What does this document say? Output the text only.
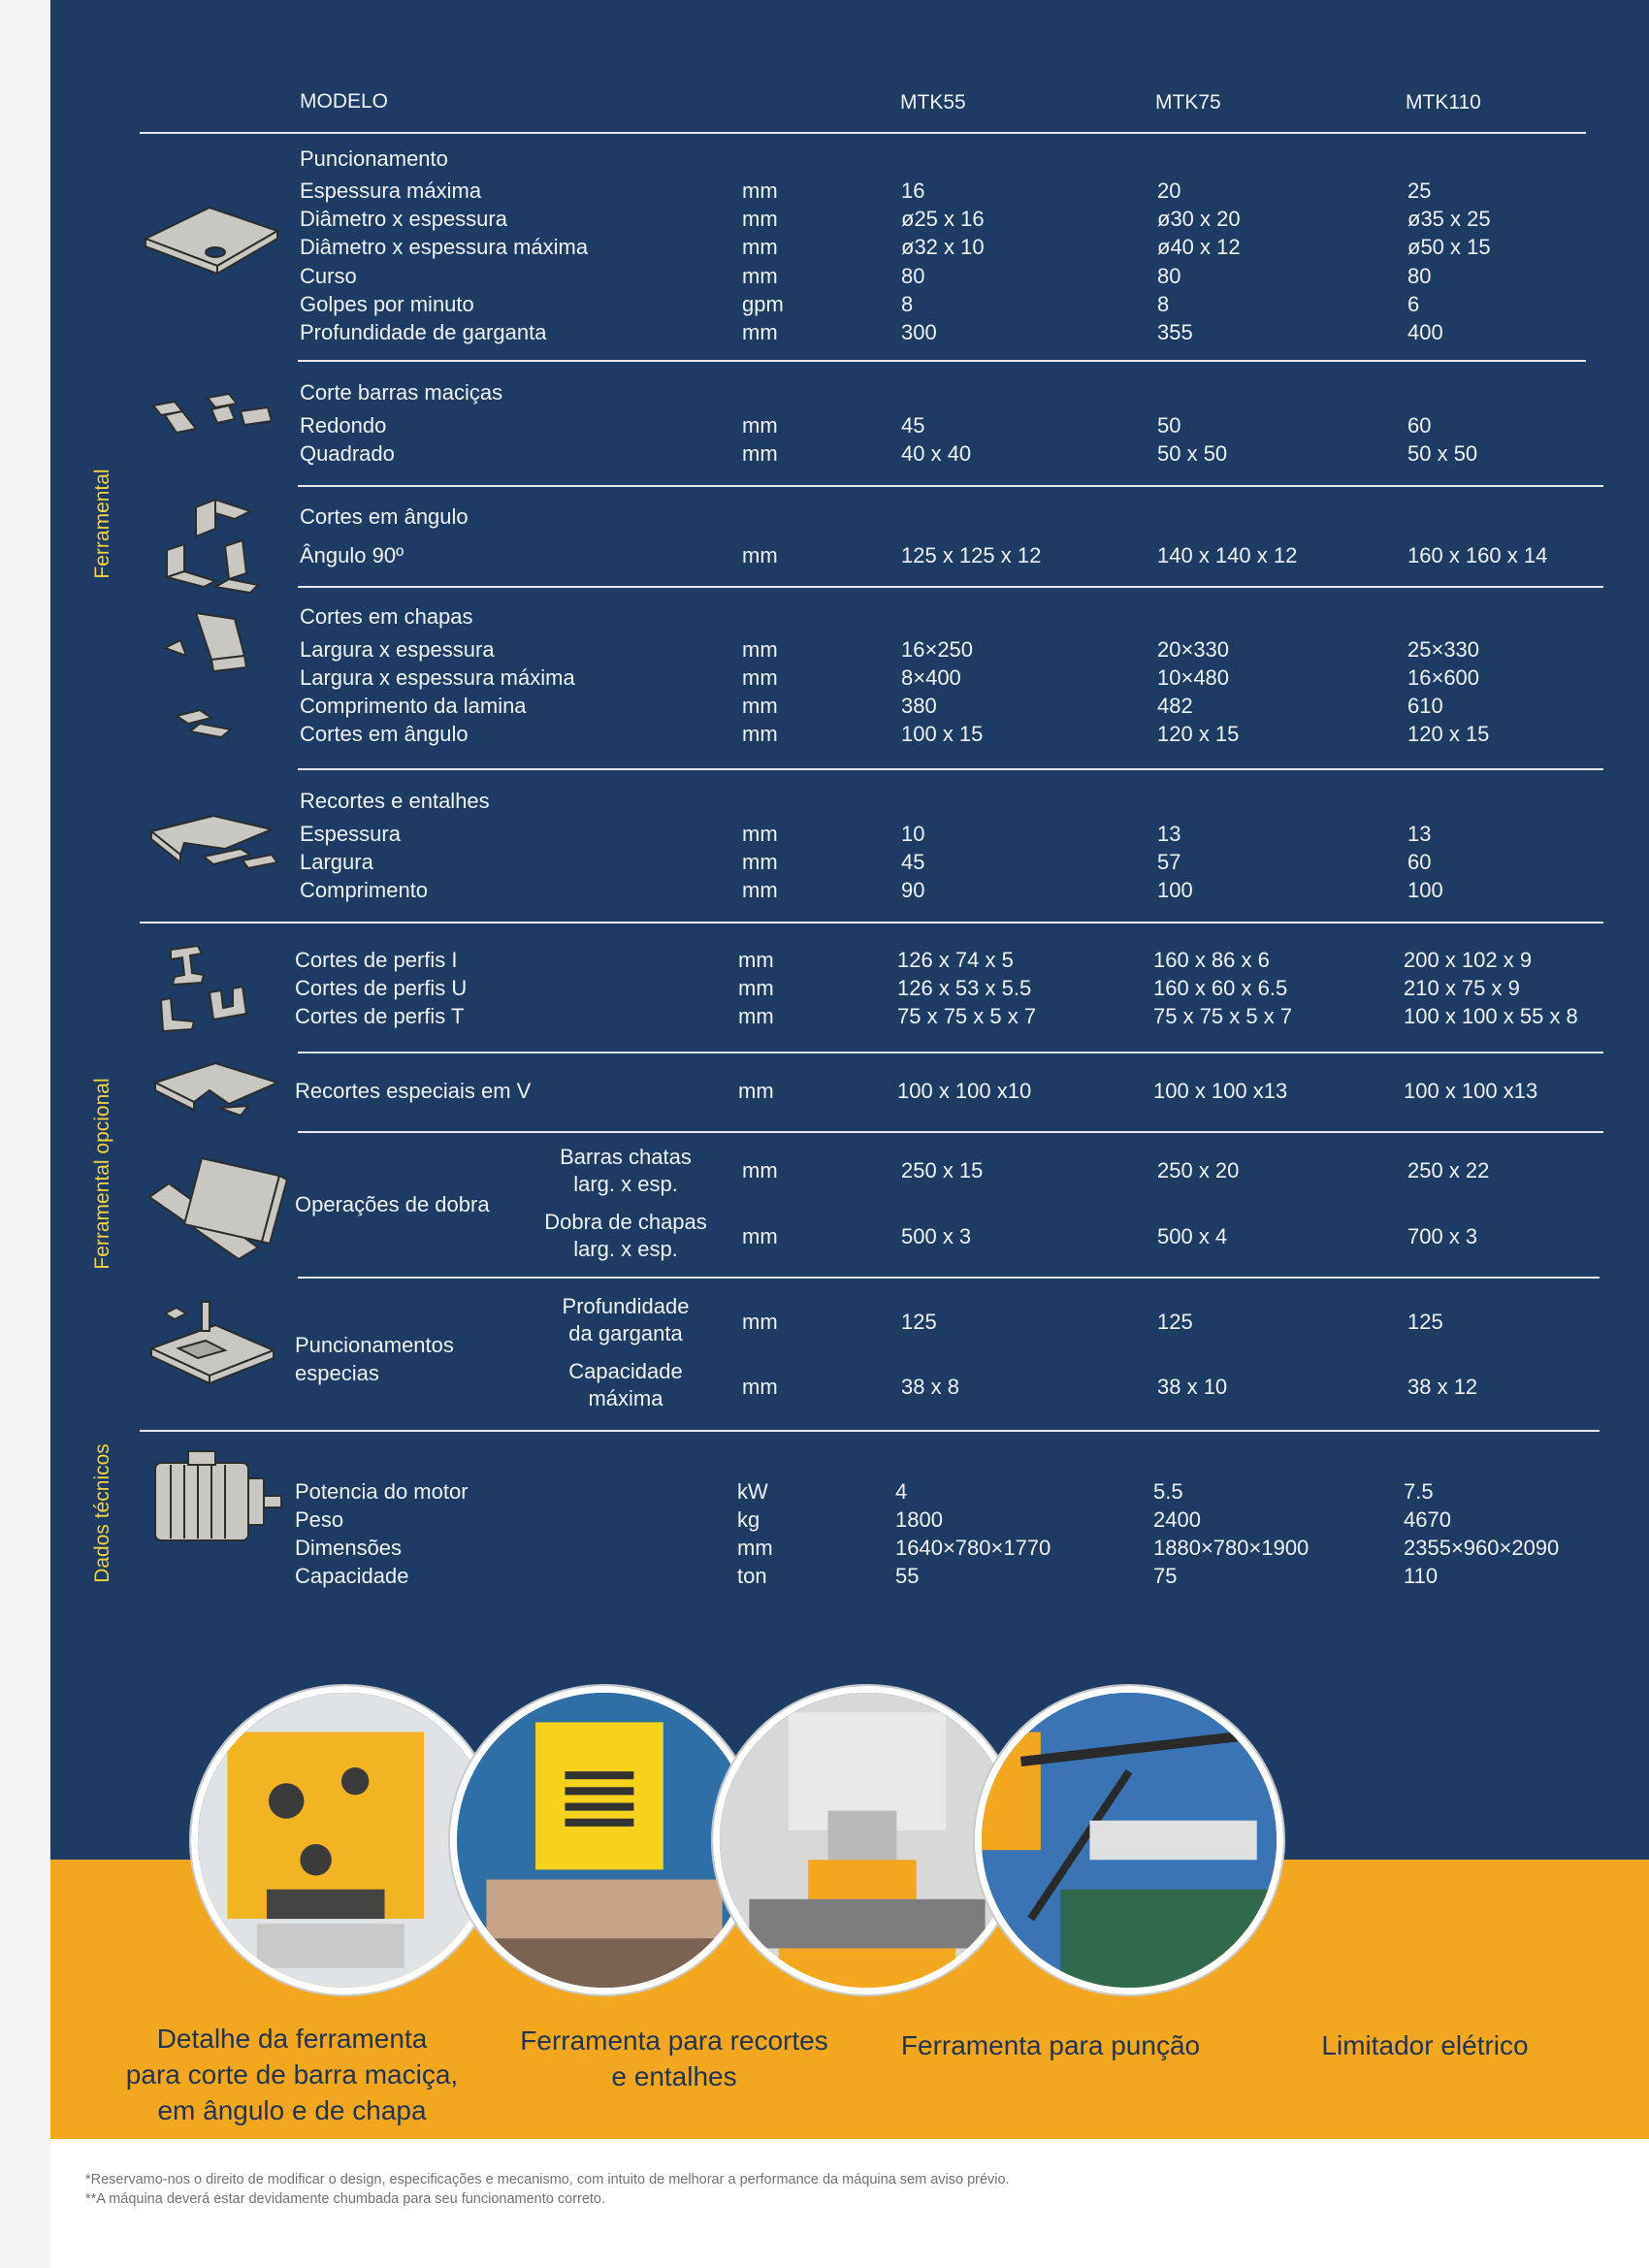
MODELO	MTK55	MTK75	MTK110
Puncionamento
Espessura máxima	mm	16	20	25
Diâmetro x espessura	mm	ø25 x 16	ø30 x 20	ø35 x 25
Diâmetro x espessura máxima	mm	ø32 x 10	ø40 x 12	ø50 x 15
Curso	mm	80	80	80
Golpes por minuto	gpm	8	8	6
Profundidade de garganta	mm	300	355	400
Corte barras maciças
Redondo	mm	45	50	60
Quadrado	mm	40 x 40	50 x 50	50 x 50
Cortes em ângulo
Ângulo 90º	mm	125 x 125 x 12	140 x 140 x 12	160 x 160 x 14
Cortes em chapas
Largura x espessura	mm	16×250	20×330	25×330
Largura x espessura máxima	mm	8×400	10×480	16×600
Comprimento da lamina	mm	380	482	610
Cortes em ângulo	mm	100 x 15	120 x 15	120 x 15
Recortes e entalhes
Espessura	mm	10	13	13
Largura	mm	45	57	60
Comprimento	mm	90	100	100
Cortes de perfis I	mm	126 x 74 x 5	160 x 86 x 6	200 x 102 x 9
Cortes de perfis U	mm	126 x 53 x 5.5	160 x 60 x 6.5	210 x 75 x 9
Cortes de perfis T	mm	75 x 75 x 5 x 7	75 x 75 x 5 x 7	100 x 100 x 55 x 8
Recortes especiais em V	mm	100 x 100 x10	100 x 100 x13	100 x 100 x13
Operações de dobra
Barras chatas
larg. x esp.
mm	250 x 15	250 x 20	250 x 22
Dobra de chapas
larg. x esp.
mm	500 x 3	500 x 4	700 x 3
Puncionamentos
especias
Profundidade
da garganta	mm	125	125	125
Capacidade
máxima	mm	38 x 8	38 x 10	38 x 12
Potencia do motor	kW	4	5.5	7.5
Peso	kg	1800	2400	4670
Dimensões	mm	1640×780×1770	1880×780×1900	2355×960×2090
Capacidade	ton	55	75	110
Ferramental
Ferramental opcional
Dados técnicos
Detalhe da ferramenta
para corte de barra maciça,
em ângulo e de chapa
Ferramenta para recortes
e entalhes
Ferramenta para punção	Limitador elétrico
*Reservamo-nos o direito de modificar o design, especificações e mecanismo, com intuito de melhorar a performance da máquina sem aviso prévio.
**A máquina deverá estar devidamente chumbada para seu funcionamento correto.
